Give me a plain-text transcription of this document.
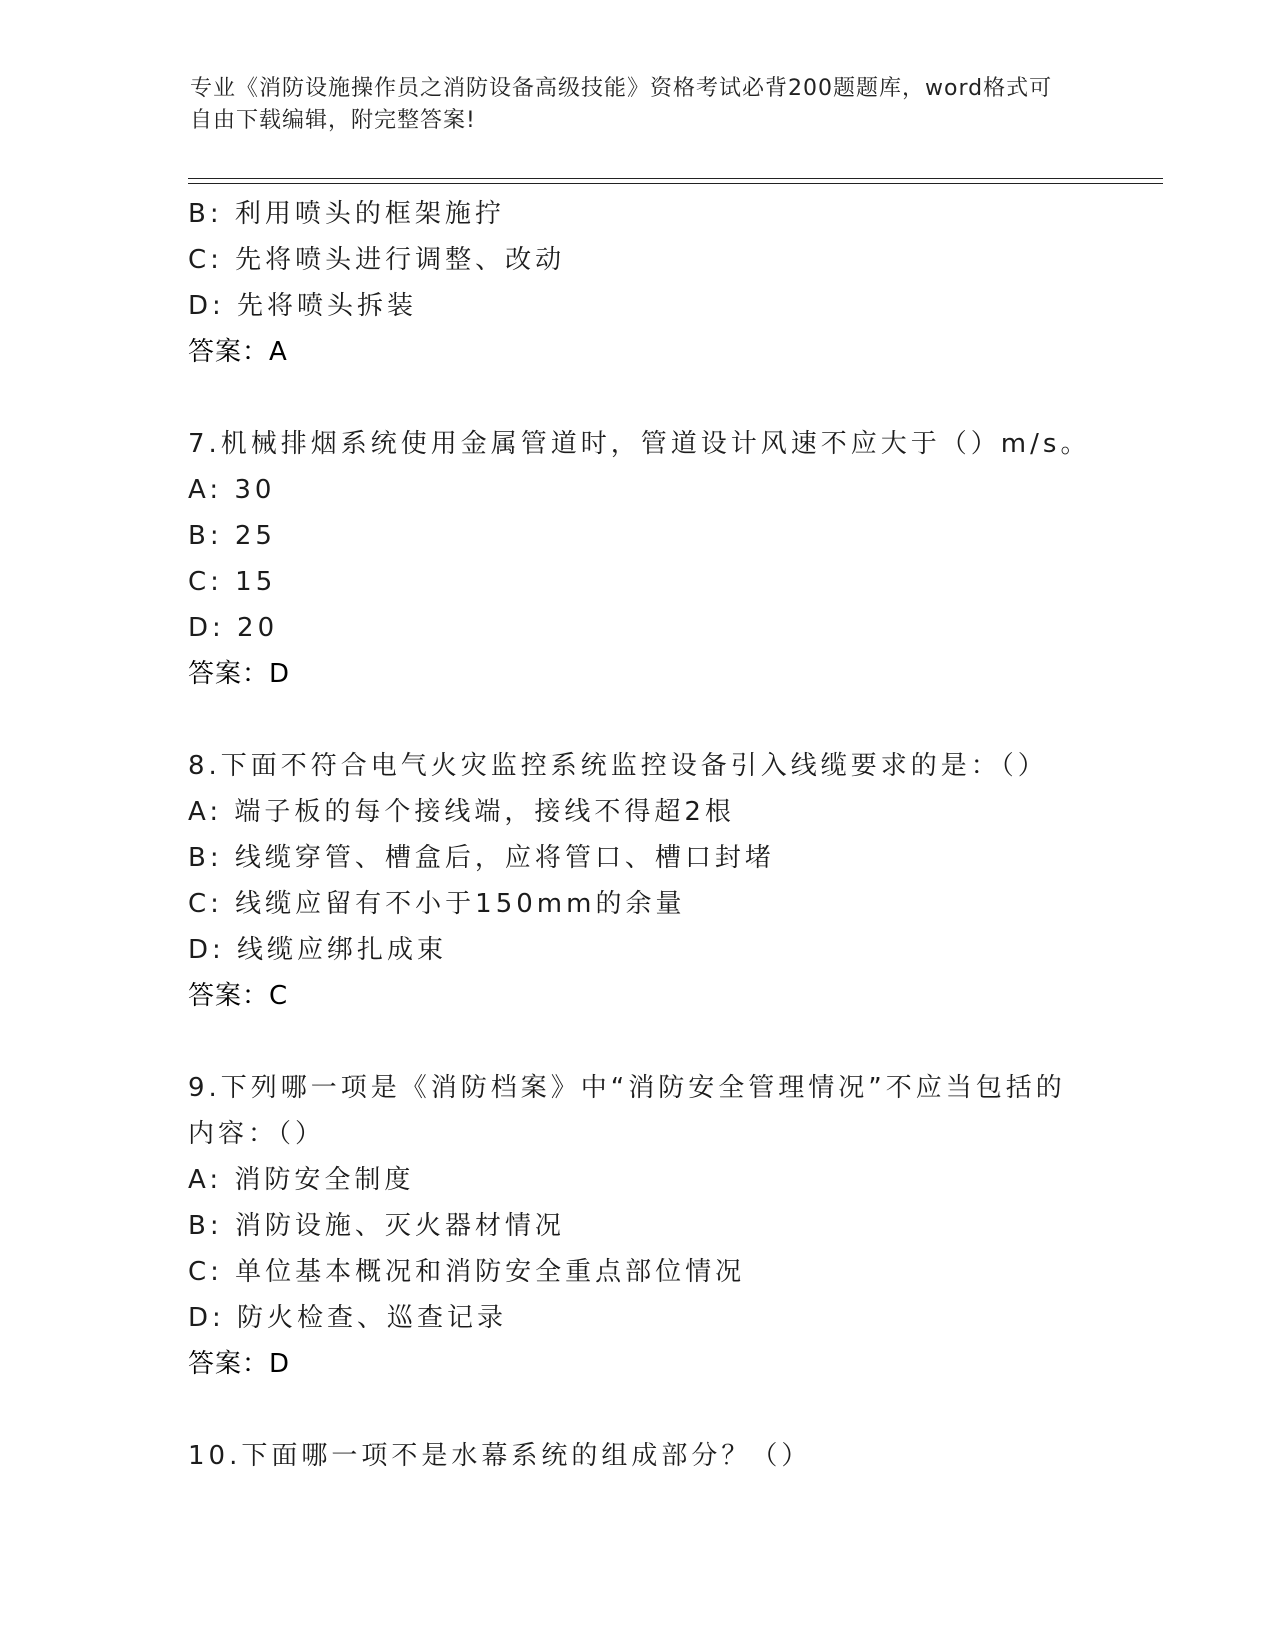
专业《消防设施操作员之消防设备高级技能》资格考试必背200题题库，word格式可自由下载编辑，附完整答案!
B: 利用喷头的框架施拧
C: 先将喷头进行调整、改动
D: 先将喷头拆装
答案：A
7.机械排烟系统使用金属管道时，管道设计风速不应大于（）m/s。
A: 30
B: 25
C: 15
D: 20
答案：D
8.下面不符合电气火灾监控系统监控设备引入线缆要求的是：（）
A: 端子板的每个接线端，接线不得超2根
B: 线缆穿管、槽盒后，应将管口、槽口封堵
C: 线缆应留有不小于150mm的余量
D: 线缆应绑扎成束
答案：C
9.下列哪一项是《消防档案》中“消防安全管理情况”不应当包括的内容：（）
A: 消防安全制度
B: 消防设施、灭火器材情况
C: 单位基本概况和消防安全重点部位情况
D: 防火检查、巡查记录
答案：D
10.下面哪一项不是水幕系统的组成部分？（）
